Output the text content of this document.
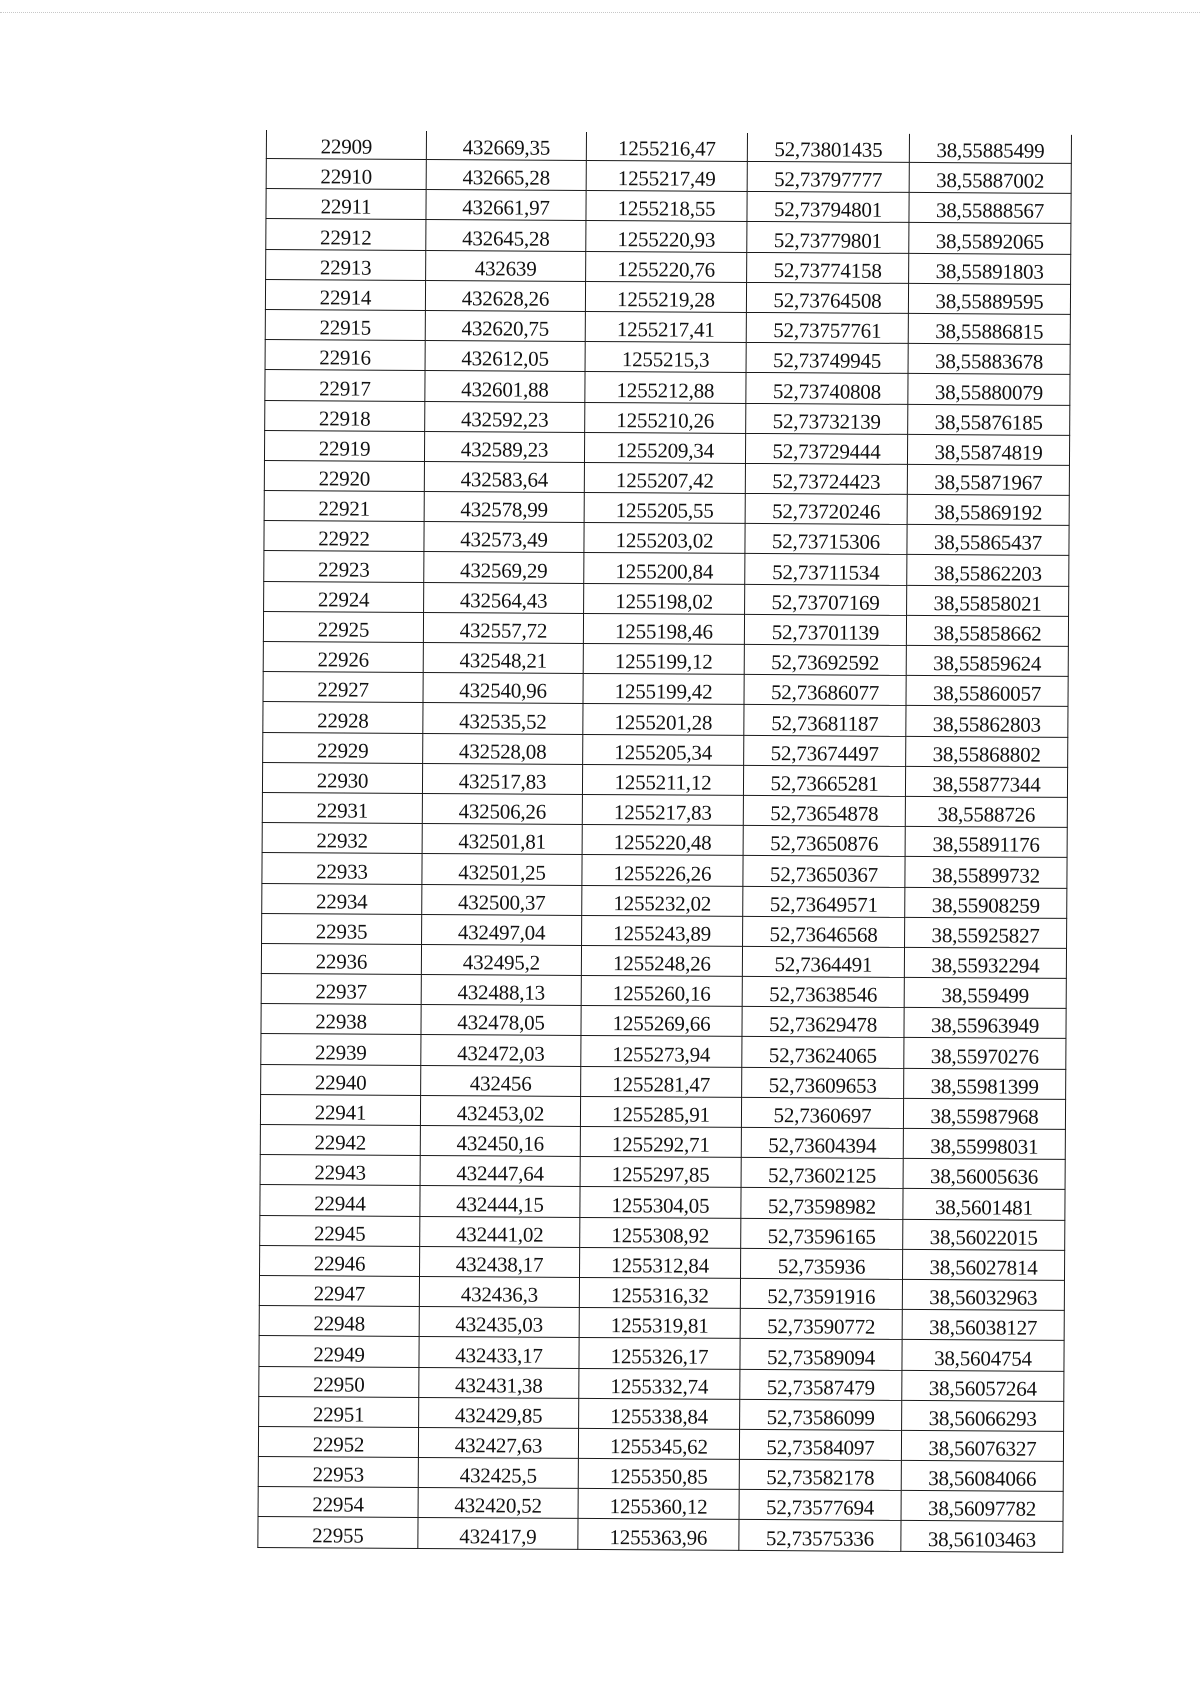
22909	432669,35	1255216,47	52,73801435	38,55885499
22910	432665,28	1255217,49	52,73797777	38,55887002
22911	432661,97	1255218,55	52,73794801	38,55888567
22912	432645,28	1255220,93	52,73779801	38,55892065
22913	432639	1255220,76	52,73774158	38,55891803
22914	432628,26	1255219,28	52,73764508	38,55889595
22915	432620,75	1255217,41	52,73757761	38,55886815
22916	432612,05	1255215,3	52,73749945	38,55883678
22917	432601,88	1255212,88	52,73740808	38,55880079
22918	432592,23	1255210,26	52,73732139	38,55876185
22919	432589,23	1255209,34	52,73729444	38,55874819
22920	432583,64	1255207,42	52,73724423	38,55871967
22921	432578,99	1255205,55	52,73720246	38,55869192
22922	432573,49	1255203,02	52,73715306	38,55865437
22923	432569,29	1255200,84	52,73711534	38,55862203
22924	432564,43	1255198,02	52,73707169	38,55858021
22925	432557,72	1255198,46	52,73701139	38,55858662
22926	432548,21	1255199,12	52,73692592	38,55859624
22927	432540,96	1255199,42	52,73686077	38,55860057
22928	432535,52	1255201,28	52,73681187	38,55862803
22929	432528,08	1255205,34	52,73674497	38,55868802
22930	432517,83	1255211,12	52,73665281	38,55877344
22931	432506,26	1255217,83	52,73654878	38,5588726
22932	432501,81	1255220,48	52,73650876	38,55891176
22933	432501,25	1255226,26	52,73650367	38,55899732
22934	432500,37	1255232,02	52,73649571	38,55908259
22935	432497,04	1255243,89	52,73646568	38,55925827
22936	432495,2	1255248,26	52,7364491	38,55932294
22937	432488,13	1255260,16	52,73638546	38,559499
22938	432478,05	1255269,66	52,73629478	38,55963949
22939	432472,03	1255273,94	52,73624065	38,55970276
22940	432456	1255281,47	52,73609653	38,55981399
22941	432453,02	1255285,91	52,7360697	38,55987968
22942	432450,16	1255292,71	52,73604394	38,55998031
22943	432447,64	1255297,85	52,73602125	38,56005636
22944	432444,15	1255304,05	52,73598982	38,5601481
22945	432441,02	1255308,92	52,73596165	38,56022015
22946	432438,17	1255312,84	52,735936	38,56027814
22947	432436,3	1255316,32	52,73591916	38,56032963
22948	432435,03	1255319,81	52,73590772	38,56038127
22949	432433,17	1255326,17	52,73589094	38,5604754
22950	432431,38	1255332,74	52,73587479	38,56057264
22951	432429,85	1255338,84	52,73586099	38,56066293
22952	432427,63	1255345,62	52,73584097	38,56076327
22953	432425,5	1255350,85	52,73582178	38,56084066
22954	432420,52	1255360,12	52,73577694	38,56097782
22955	432417,9	1255363,96	52,73575336	38,56103463
